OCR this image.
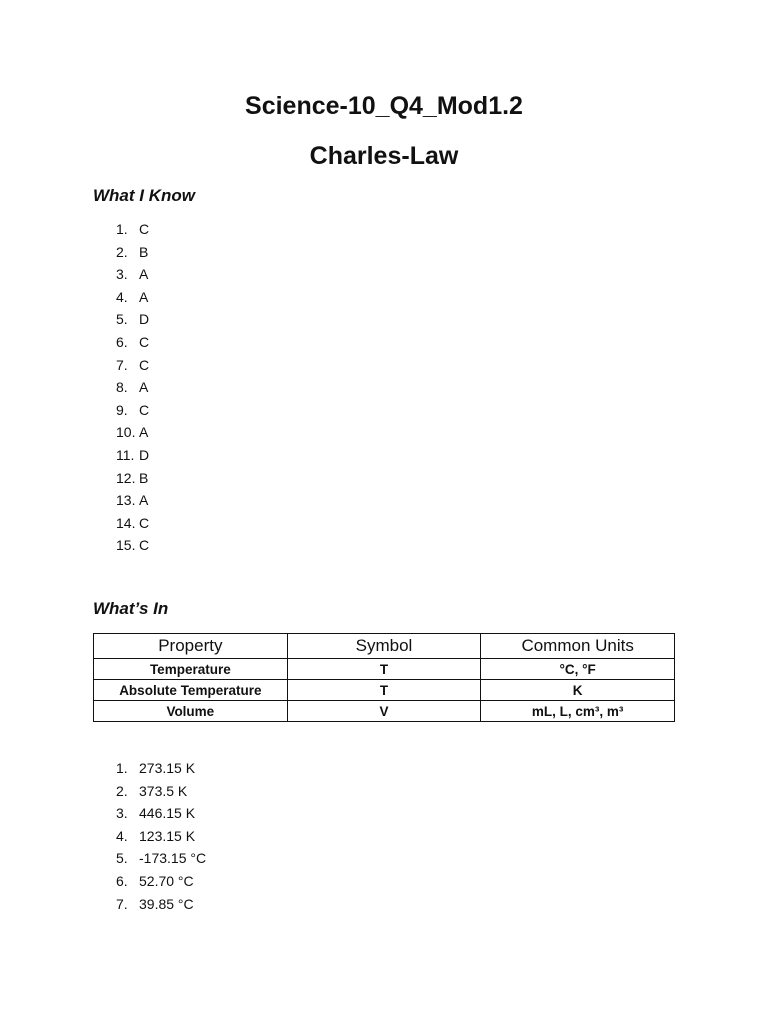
Science-10_Q4_Mod1.2
Charles-Law
What I Know
1. C
2. B
3. A
4. A
5. D
6. C
7. C
8. A
9. C
10. A
11. D
12. B
13. A
14. C
15. C
What’s In
Property	Symbol	Common Units
Temperature	T	°C, °F
Absolute Temperature	T	K
Volume	V	mL, L, cm³, m³
1. 273.15 K
2. 373.5 K
3. 446.15 K
4. 123.15 K
5. -173.15 °C
6. 52.70 °C
7. 39.85 °C
